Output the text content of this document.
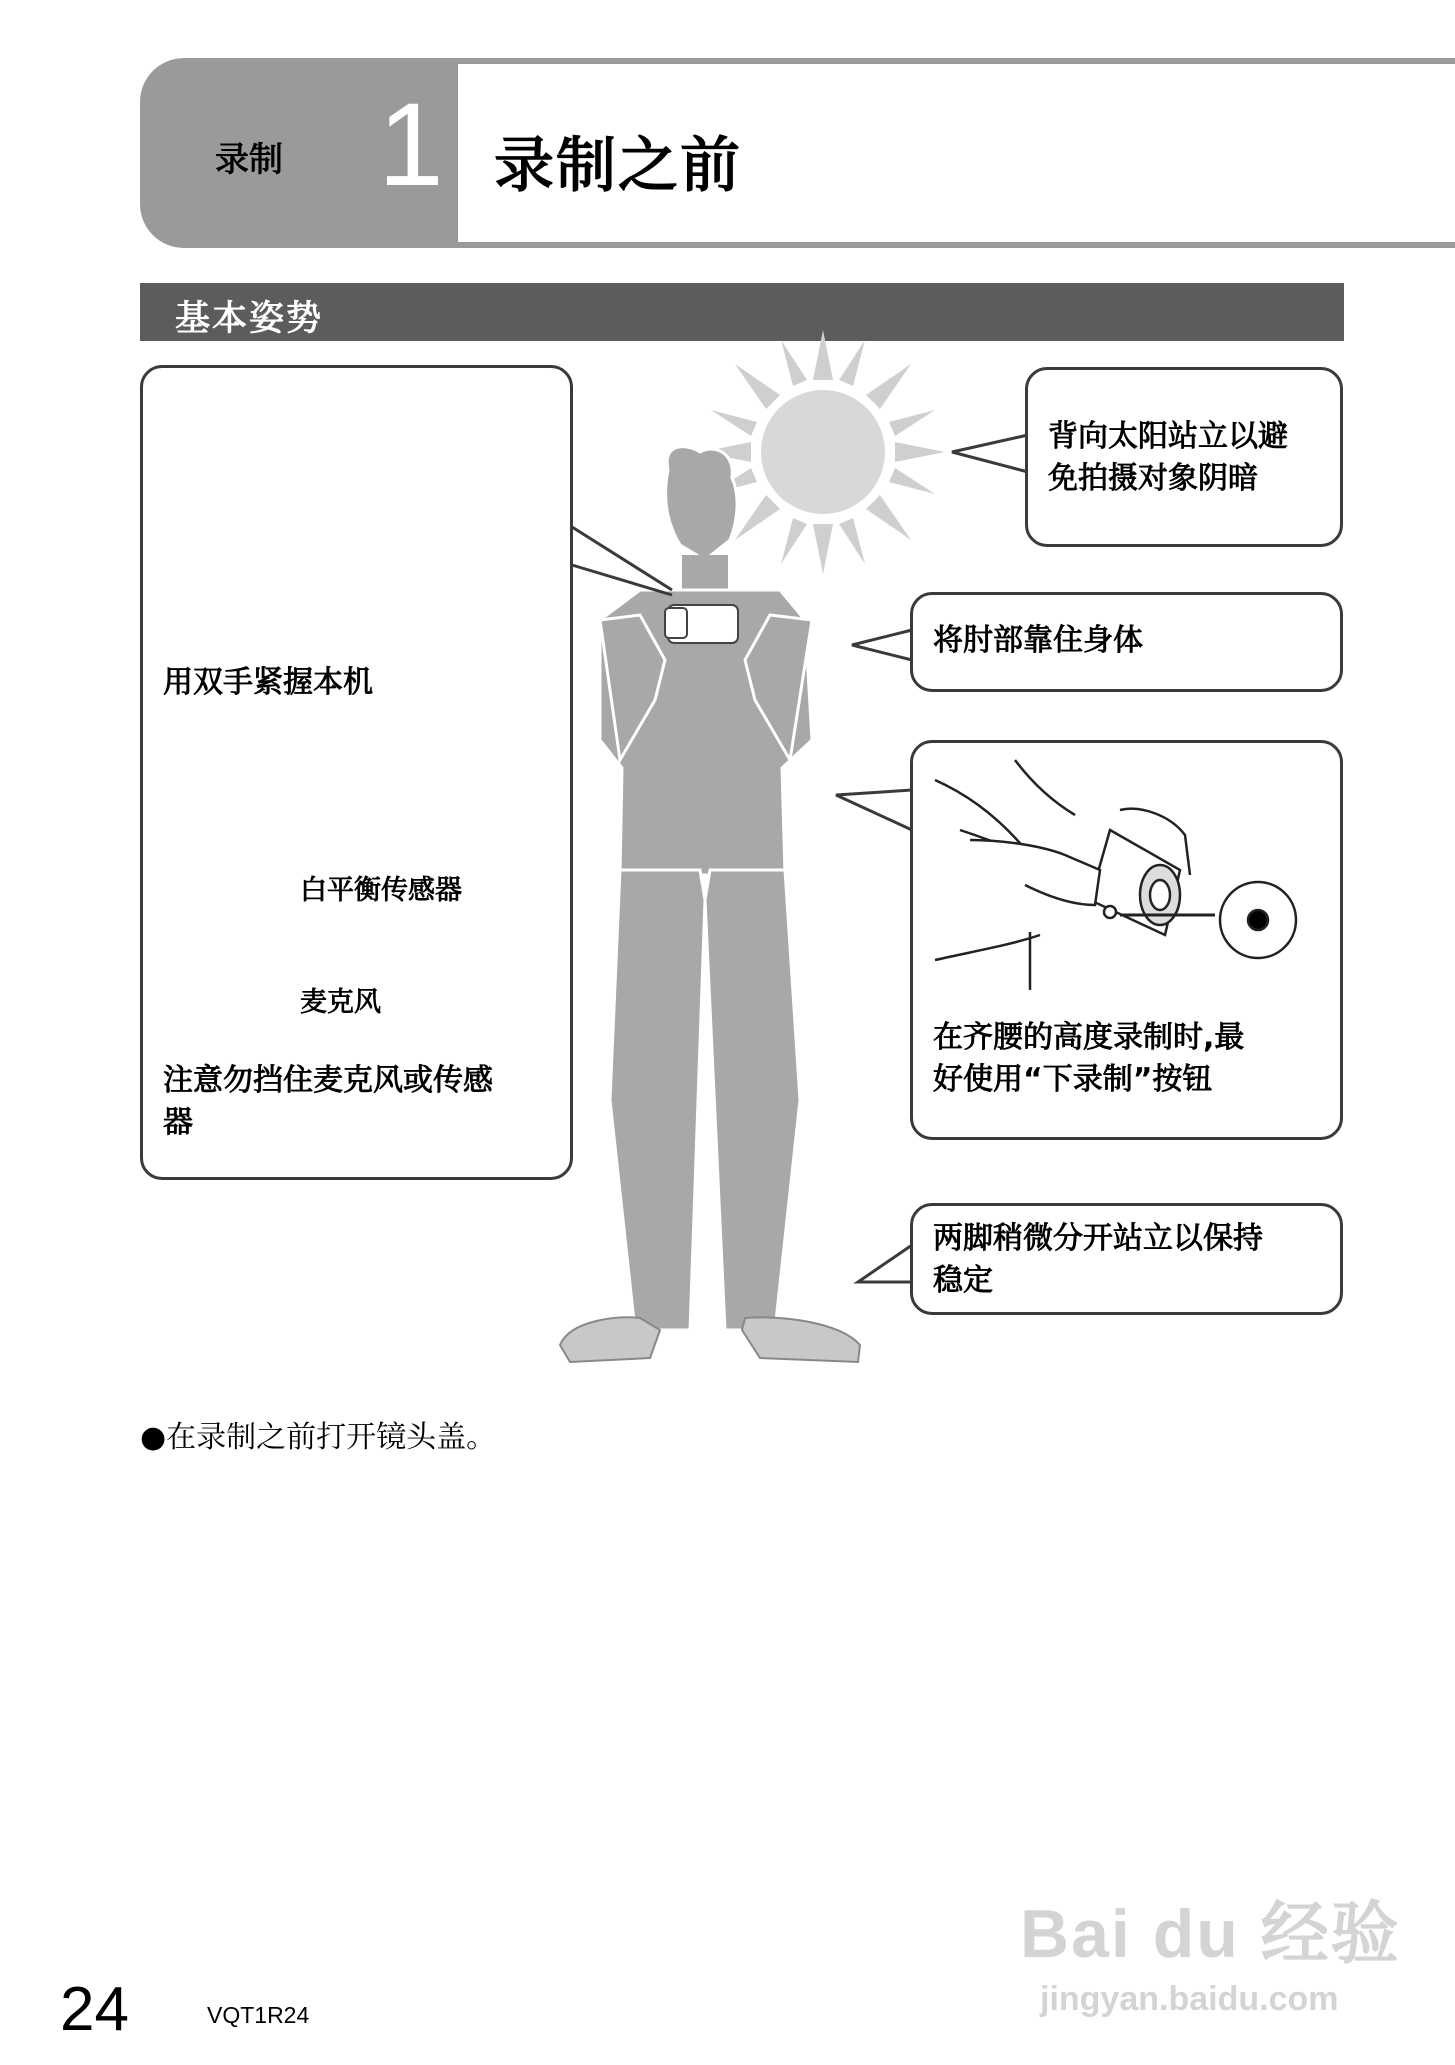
录制 1 录制之前
基本姿势
用双手紧握本机
白平衡传感器
麦克风
注意勿挡住麦克风或传感
器
背向太阳站立以避
免拍摄对象阴暗
将肘部靠住身体
在齐腰的高度录制时,最
好使用“下录制”按钮
两脚稍微分开站立以保持
稳定
●在录制之前打开镜头盖。
24	VQT1R24
Bai du 经验
jingyan.baidu.com
